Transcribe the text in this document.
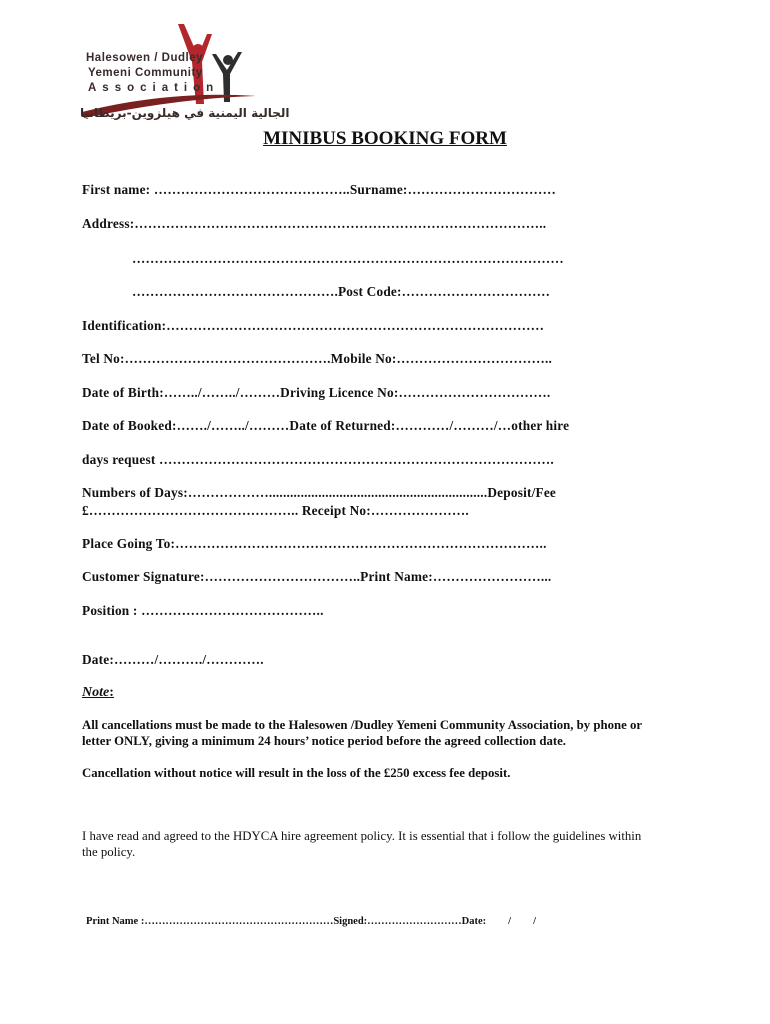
Halesowen / Dudley
Yemeni Community
Association
الجالية اليمنية في هيلزوين-بريطانيا
MINIBUS BOOKING FORM
First name: ……………………………………..Surname:……………………………
Address:………………………………………………………………………………..
……………………………………………………………………………………
……………………………………….Post Code:……………………………
Identification:…………………………………………………………………………
Tel No:……………………………………….Mobile No:……………………………..
Date of Birth:……../……../………Driving Licence No:…………………………….
Date of Booked:……./……../………Date of Returned:…………/………/…other hire
days request …………………………………………………………………………….
Numbers of Days:………………..............................................................Deposit/Fee
£……………………………………….. Receipt No:………………….
Place Going To:………………………………………………………………………..
Customer Signature:……………………………..Print Name:……………………...
Position : …………………………………..
Date:………/………./………….
Note:
All cancellations must be made to the Halesowen /Dudley Yemeni Community Association, by phone or letter ONLY, giving a minimum 24 hours’ notice period before the agreed collection date.
Cancellation without notice will result in the loss of the £250 excess fee deposit.
I have read and agreed to the HDYCA hire agreement policy. It is essential that i follow the guidelines within the policy.
Print Name :………………………………………………Signed:………………………Date: / /
